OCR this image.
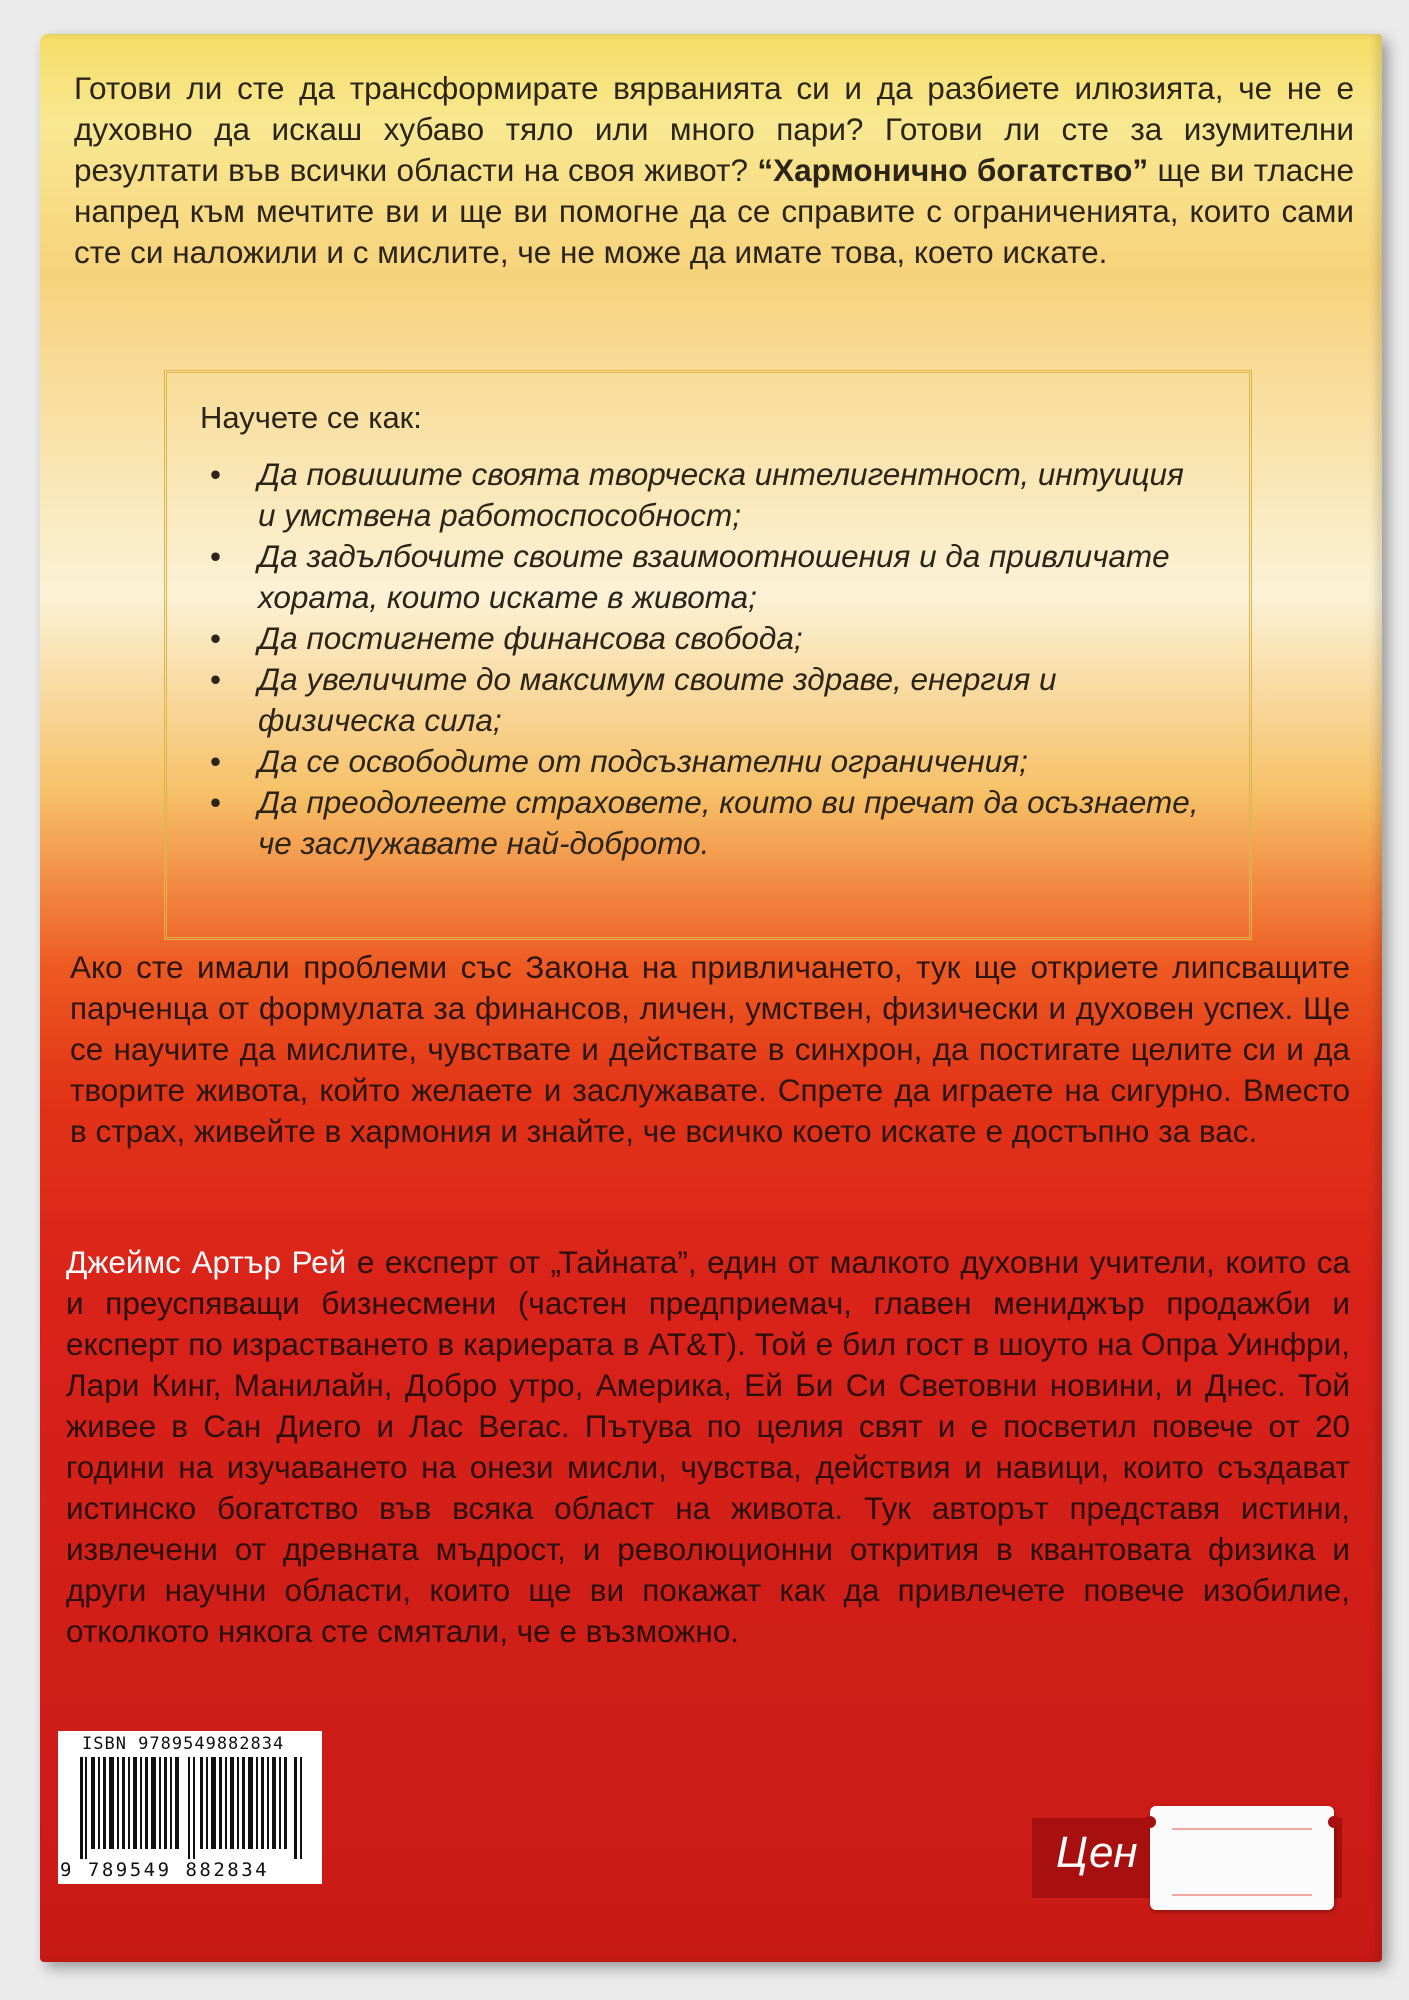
Готови ли сте да трансформирате вярванията си и да разбиете илюзията, че не е духовно да искаш хубаво тяло или много пари? Готови ли сте за изумителни резултати във всички области на своя живот? “Хармонично богатство” ще ви тласне напред към мечтите ви и ще ви помогне да се справите с ограниченията, които сами сте си наложили и с мислите, че не може да имате това, което искате.

Научете се как:

• Да повишите своята творческа интелигентност, интуиция и умствена работоспособност;
• Да задълбочите своите взаимоотношения и да привличате хората, които искате в живота;
• Да постигнете финансова свобода;
• Да увеличите до максимум своите здраве, енергия и физическа сила;
• Да се освободите от подсъзнателни ограничения;
• Да преодолеете страховете, които ви пречат да осъзнаете, че заслужавате най-доброто.

Ако сте имали проблеми със Закона на привличането, тук ще откриете липсващите парченца от формулата за финансов, личен, умствен, физически и духовен успех. Ще се научите да мислите, чувствате и действате в синхрон, да постигате целите си и да творите живота, който желаете и заслужавате. Спрете да играете на сигурно. Вместо в страх, живейте в хармония и знайте, че всичко което искате е достъпно за вас.

Джеймс Артър Рей е експерт от „Тайната”, един от малкото духовни учители, които са и преуспяващи бизнесмени (частен предприемач, главен мениджър продажби и експерт по израстването в кариерата в AT&T). Той е бил гост в шоуто на Опра Уинфри, Лари Кинг, Манилайн, Добро утро, Америка, Ей Би Си Световни новини, и Днес. Той живее в Сан Диего и Лас Вегас. Пътува по целия свят и е посветил повече от 20 години на изучаването на онези мисли, чувства, действия и навици, които създават истинско богатство във всяка област на живота. Тук авторът представя истини, извлечени от древната мъдрост, и революционни открития в квантовата физика и други научни области, които ще ви покажат как да привлечете повече изобилие, отколкото някога сте смятали, че е възможно.

ISBN 9789549882834
9 789549 882834	Цен
